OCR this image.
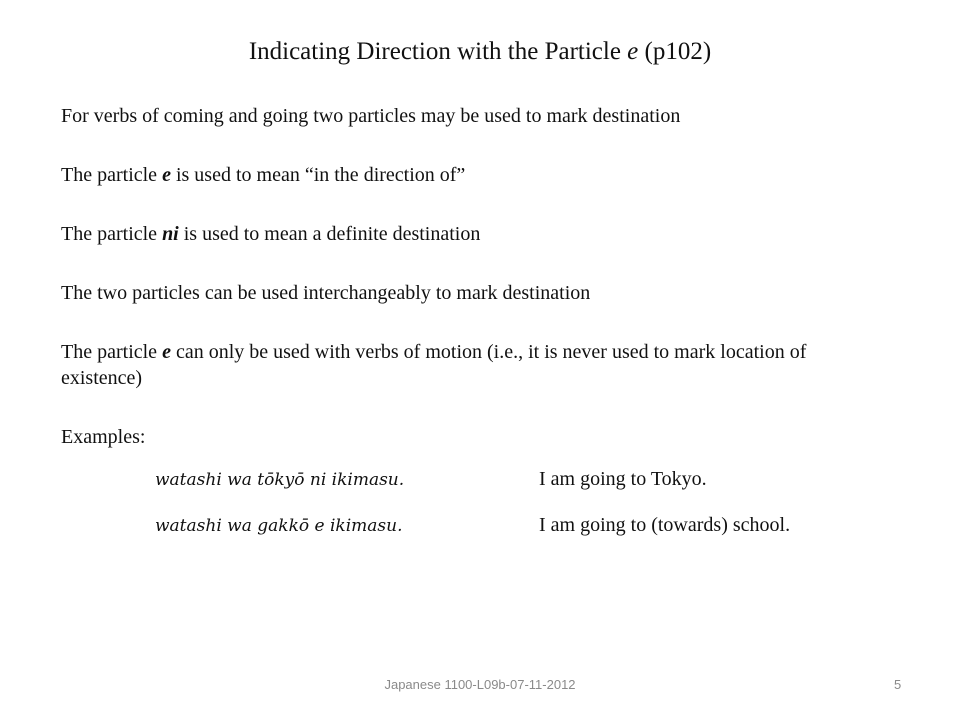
Indicating Direction with the Particle e (p102)

For verbs of coming and going two particles may be used to mark destination

The particle e is used to mean “in the direction of”

The particle ni is used to mean a definite destination

The two particles can be used interchangeably to mark destination

The particle e can only be used with verbs of motion (i.e., it is never used to mark location of existence)

Examples:

watashi wa tōkyō ni ikimasu.	I am going to Tokyo.
watashi wa gakkō e ikimasu.	I am going to (towards) school.
Japanese 1100-L09b-07-11-2012	5
